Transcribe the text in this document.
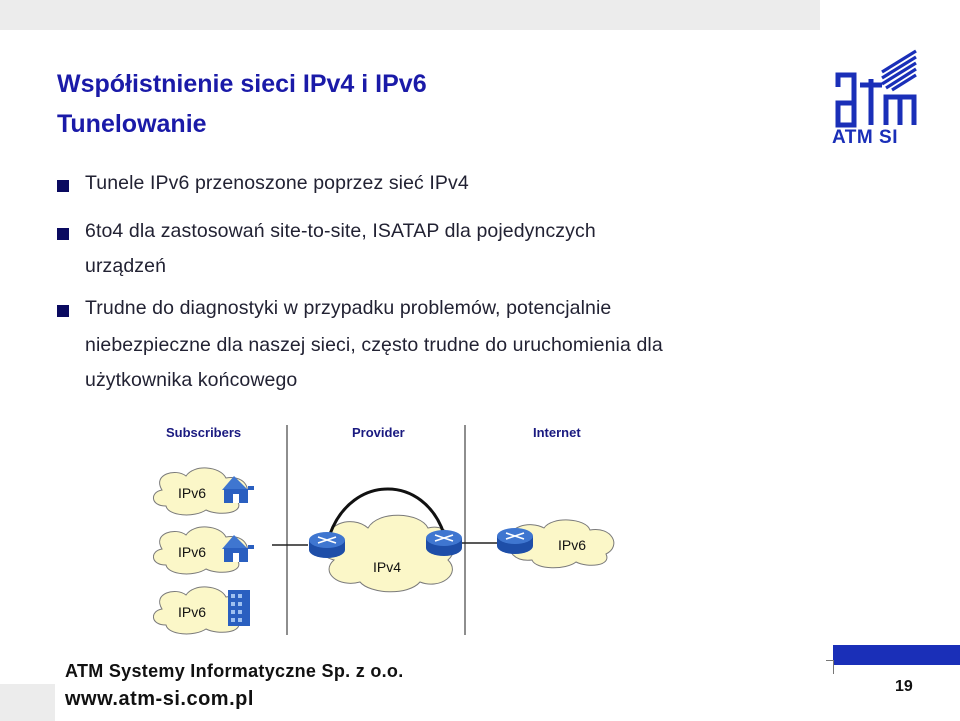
ATM SI
Współistnienie sieci IPv4 i IPv6
Tunelowanie
Tunele IPv6 przenoszone poprzez sieć IPv4
6to4 dla zastosowań site-to-site, ISATAP dla pojedynczych
urządzeń
Trudne do diagnostyki w przypadku problemów, potencjalnie
niebezpieczne dla naszej sieci, często trudne do uruchomienia dla
użytkownika końcowego
Subscribers	Provider	Internet
IPv6
IPv6
IPv6
IPv4
IPv6
ATM Systemy Informatyczne Sp. z o.o.
www.atm-si.com.pl
19
